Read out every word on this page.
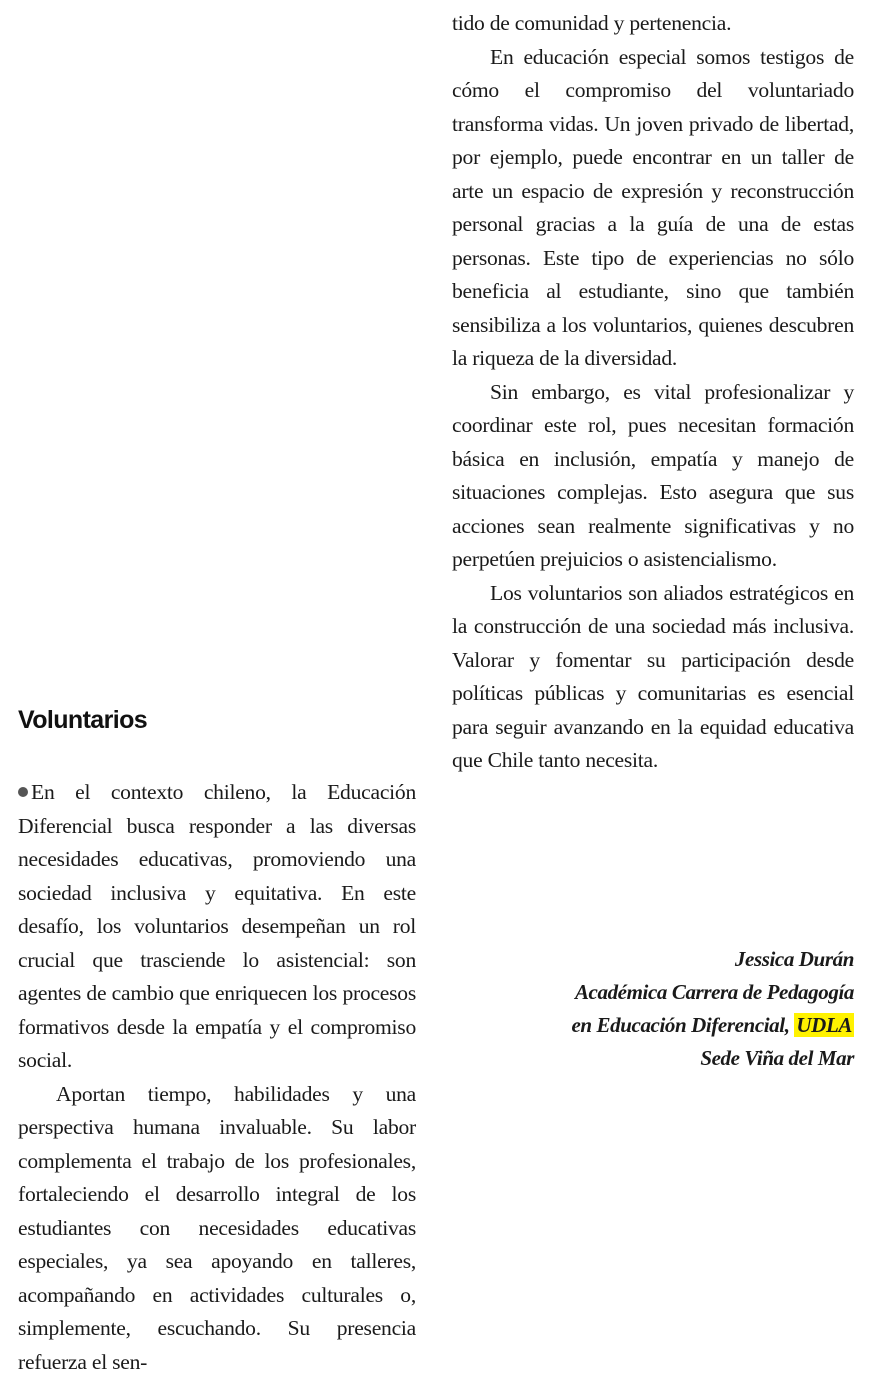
Voluntarios

En el contexto chileno, la Educación Diferencial busca responder a las diversas necesidades educativas, promoviendo una sociedad inclusiva y equitativa. En este desafío, los voluntarios desempeñan un rol crucial que trasciende lo asistencial: son agentes de cambio que enriquecen los procesos formativos desde la empatía y el compromiso social.

Aportan tiempo, habilidades y una perspectiva humana invaluable. Su labor complementa el trabajo de los profesionales, fortaleciendo el desarrollo integral de los estudiantes con necesidades educativas especiales, ya sea apoyando en talleres, acompañando en actividades culturales o, simplemente, escuchando. Su presencia refuerza el sen-

tido de comunidad y pertenencia.

En educación especial somos testigos de cómo el compromiso del voluntariado transforma vidas. Un joven privado de libertad, por ejemplo, puede encontrar en un taller de arte un espacio de expresión y reconstrucción personal gracias a la guía de una de estas personas. Este tipo de experiencias no sólo beneficia al estudiante, sino que también sensibiliza a los voluntarios, quienes descubren la riqueza de la diversidad.

Sin embargo, es vital profesionalizar y coordinar este rol, pues necesitan formación básica en inclusión, empatía y manejo de situaciones complejas. Esto asegura que sus acciones sean realmente significativas y no perpetúen prejuicios o asistencialismo.

Los voluntarios son aliados estratégicos en la construcción de una sociedad más inclusiva. Valorar y fomentar su participación desde políticas públicas y comunitarias es esencial para seguir avanzando en la equidad educativa que Chile tanto necesita.

Jessica Durán
Académica Carrera de Pedagogía
en Educación Diferencial, UDLA
Sede Viña del Mar
